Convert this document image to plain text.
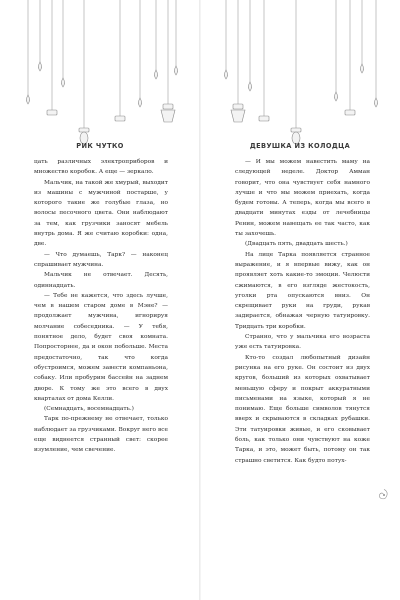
РИК ЧУТКО

цать различных электроприборов и множество коробок. А еще — зеркало.

Мальчик, на такой же хмурый, выходит из машины с мужчиной постарше, у которого такие же голубые глаза, но волосы песочного цвета. Они наблюдают за тем, как грузчики заносят мебель внутрь дома. Я же считаю коробки: одна, две.

— Что думаешь, Тарк? — наконец спрашивает мужчина.

Мальчик не отвечает. Десять, одиннадцать.

— Тебе не кажется, что здесь лучше, чем в нашем старом доме в Мэне? — продолжает мужчина, игнорируя молчание собеседника. — У тебя, понятное дело, будет своя комната. Попросторнее, да и окон побольше. Места предостаточно, так что когда обустроимся, можем завести компаньона, собаку. Или пробурим бассейн на заднем дворе. К тому же это всего в двух кварталах от дома Келли.

(Семнадцать, восемнадцать.)

Тарк по-прежнему не отвечает, только наблюдает за грузчиками. Вокруг него все еще виднеется странный свет: скорее изумление, чем свечение.

ДЕВУШКА ИЗ КОЛОДЦА

— И мы можем навестить маму на следующей неделе. Доктор Амман говорит, что она чувствует себя намного лучше и что мы можем приехать, когда будем готовы. А теперь, когда мы всего в двадцати минутах езды от лечебницы Ренин, можем навещать ее так часто, как ты захочешь.

(Двадцать пять, двадцать шесть.)

На лице Тарка появляется странное выражение, и я впервые вижу, как он проявляет хоть какие-то эмоции. Челюсти сжимаются, в его взгляде жестокость, уголки рта опускаются вниз. Он скрещивает руки на груди, рукав задирается, обнажая черную татуировку. Тридцать три коробки.

Странно, что у мальчика его возраста уже есть татуировка.

Кто-то создал любопытный дизайн рисунка на его руке. Он состоит из двух кругов, больший из которых охватывает меньшую сферу и покрыт аккуратными письменами на языке, который я не понимаю. Еще больше символов тянутся вверх и скрываются в складках рубашки. Эти татуировки живые, и его сковывает боль, как только они чувствуют на коже Тарка, и это, может быть, потому он так страшно светится. Как будто потух-
